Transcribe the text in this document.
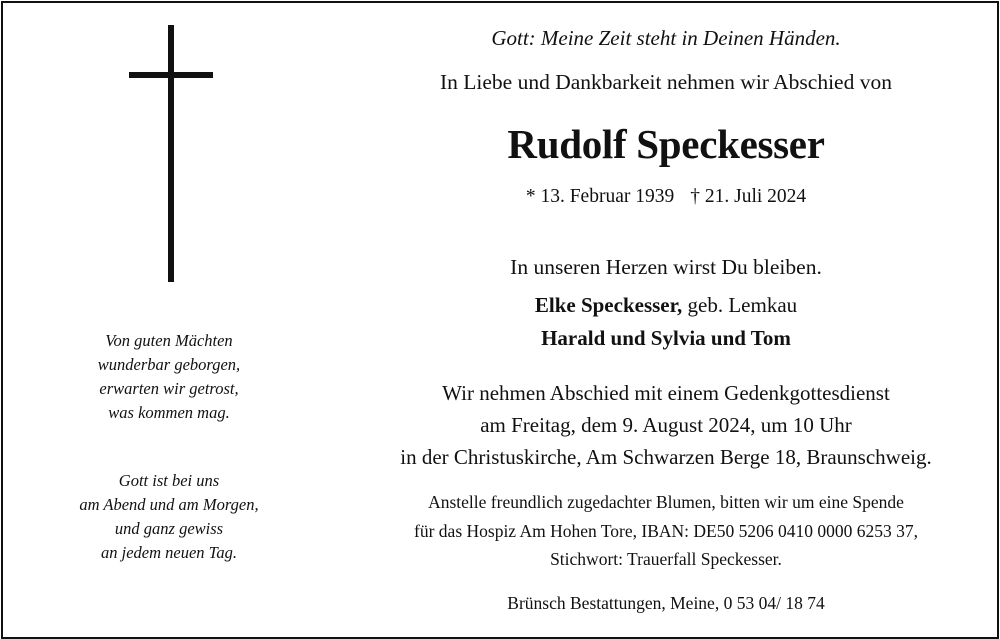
Von guten Mächten
wunderbar geborgen,
erwarten wir getrost,
was kommen mag.
Gott ist bei uns
am Abend und am Morgen,
und ganz gewiss
an jedem neuen Tag.
Gott: Meine Zeit steht in Deinen Händen.
In Liebe und Dankbarkeit nehmen wir Abschied von
Rudolf Speckesser
* 13. Februar 1939 † 21. Juli 2024
In unseren Herzen wirst Du bleiben.
Elke Speckesser, geb. Lemkau
Harald und Sylvia und Tom
Wir nehmen Abschied mit einem Gedenkgottesdienst
am Freitag, dem 9. August 2024, um 10 Uhr
in der Christuskirche, Am Schwarzen Berge 18, Braunschweig.
Anstelle freundlich zugedachter Blumen, bitten wir um eine Spende
für das Hospiz Am Hohen Tore, IBAN: DE50 5206 0410 0000 6253 37,
Stichwort: Trauerfall Speckesser.
Brünsch Bestattungen, Meine, 0 53 04/ 18 74
